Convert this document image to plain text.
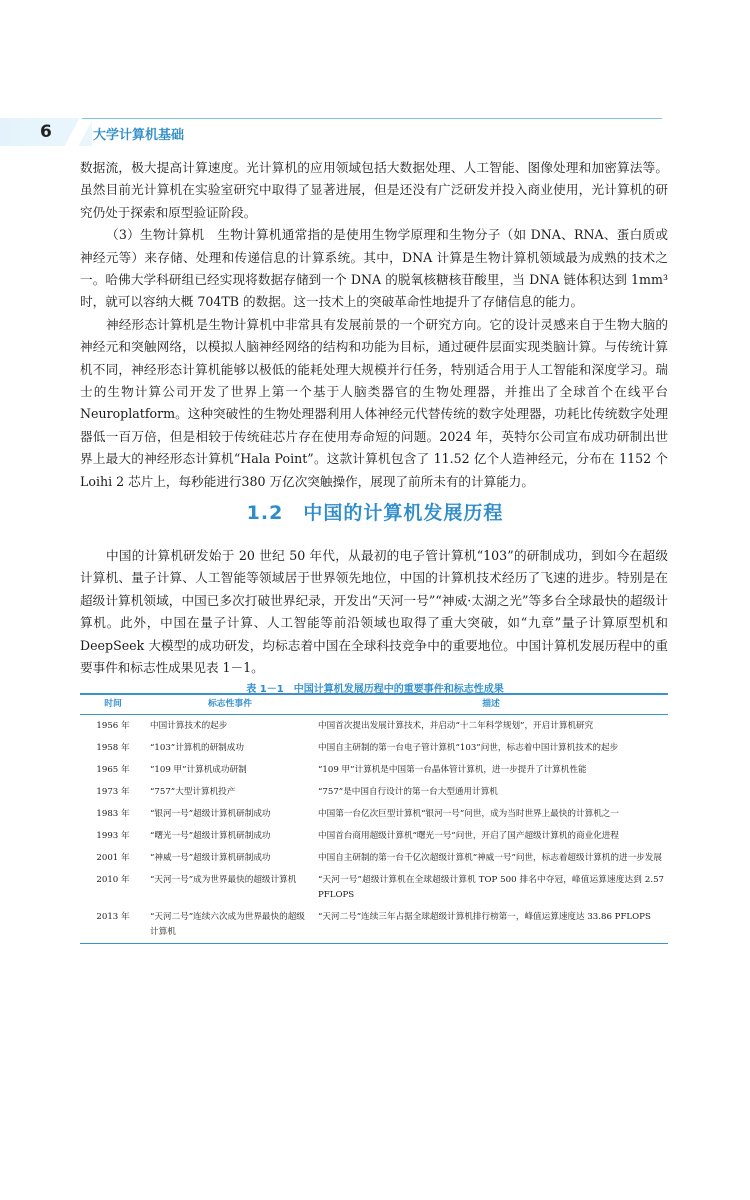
6	大学计算机基础

数据流，极大提高计算速度。光计算机的应用领域包括大数据处理、人工智能、图像处理和加密算法等。虽然目前光计算机在实验室研究中取得了显著进展，但是还没有广泛研发并投入商业使用，光计算机的研究仍处于探索和原型验证阶段。

（3）生物计算机　生物计算机通常指的是使用生物学原理和生物分子（如 DNA、RNA、蛋白质或神经元等）来存储、处理和传递信息的计算系统。其中，DNA 计算是生物计算机领域最为成熟的技术之一。哈佛大学科研组已经实现将数据存储到一个 DNA 的脱氧核糖核苷酸里，当 DNA 链体积达到 1mm³ 时，就可以容纳大概 704TB 的数据。这一技术上的突破革命性地提升了存储信息的能力。

神经形态计算机是生物计算机中非常具有发展前景的一个研究方向。它的设计灵感来自于生物大脑的神经元和突触网络，以模拟人脑神经网络的结构和功能为目标，通过硬件层面实现类脑计算。与传统计算机不同，神经形态计算机能够以极低的能耗处理大规模并行任务，特别适合用于人工智能和深度学习。瑞士的生物计算公司开发了世界上第一个基于人脑类器官的生物处理器，并推出了全球首个在线平台 Neuroplatform。这种突破性的生物处理器利用人体神经元代替传统的数字处理器，功耗比传统数字处理器低一百万倍，但是相较于传统硅芯片存在使用寿命短的问题。2024 年，英特尔公司宣布成功研制出世界上最大的神经形态计算机“Hala Point”。这款计算机包含了 11.52 亿个人造神经元，分布在 1152 个 Loihi 2 芯片上，每秒能进行380 万亿次突触操作，展现了前所未有的计算能力。

1.2　中国的计算机发展历程

中国的计算机研发始于 20 世纪 50 年代，从最初的电子管计算机“103”的研制成功，到如今在超级计算机、量子计算、人工智能等领域居于世界领先地位，中国的计算机技术经历了飞速的进步。特别是在超级计算机领域，中国已多次打破世界纪录，开发出“天河一号”“神威·太湖之光”等多台全球最快的超级计算机。此外，中国在量子计算、人工智能等前沿领域也取得了重大突破，如“九章”量子计算原型机和 DeepSeek 大模型的成功研发，均标志着中国在全球科技竞争中的重要地位。中国计算机发展历程中的重要事件和标志性成果见表 1－1。

表 1－1　中国计算机发展历程中的重要事件和标志性成果
时间	标志性事件	描述
1956 年	中国计算技术的起步	中国首次提出发展计算技术，并启动“十二年科学规划”，开启计算机研究
1958 年	“103”计算机的研制成功	中国自主研制的第一台电子管计算机“103”问世，标志着中国计算机技术的起步
1965 年	“109 甲”计算机成功研制	“109 甲”计算机是中国第一台晶体管计算机，进一步提升了计算机性能
1973 年	“757”大型计算机投产	“757”是中国自行设计的第一台大型通用计算机
1983 年	“银河一号”超级计算机研制成功	中国第一台亿次巨型计算机“银河一号”问世，成为当时世界上最快的计算机之一
1993 年	“曙光一号”超级计算机研制成功	中国首台商用超级计算机“曙光一号”问世，开启了国产超级计算机的商业化进程
2001 年	“神威一号”超级计算机研制成功	中国自主研制的第一台千亿次超级计算机“神威一号”问世，标志着超级计算机的进一步发展
2010 年	“天河一号”成为世界最快的超级计算机	“天河一号”超级计算机在全球超级计算机 TOP 500 排名中夺冠，峰值运算速度达到 2.57 PFLOPS
2013 年	“天河二号”连续六次成为世界最快的超级计算机	“天河二号”连续三年占据全球超级计算机排行榜第一，峰值运算速度达 33.86 PFLOPS
